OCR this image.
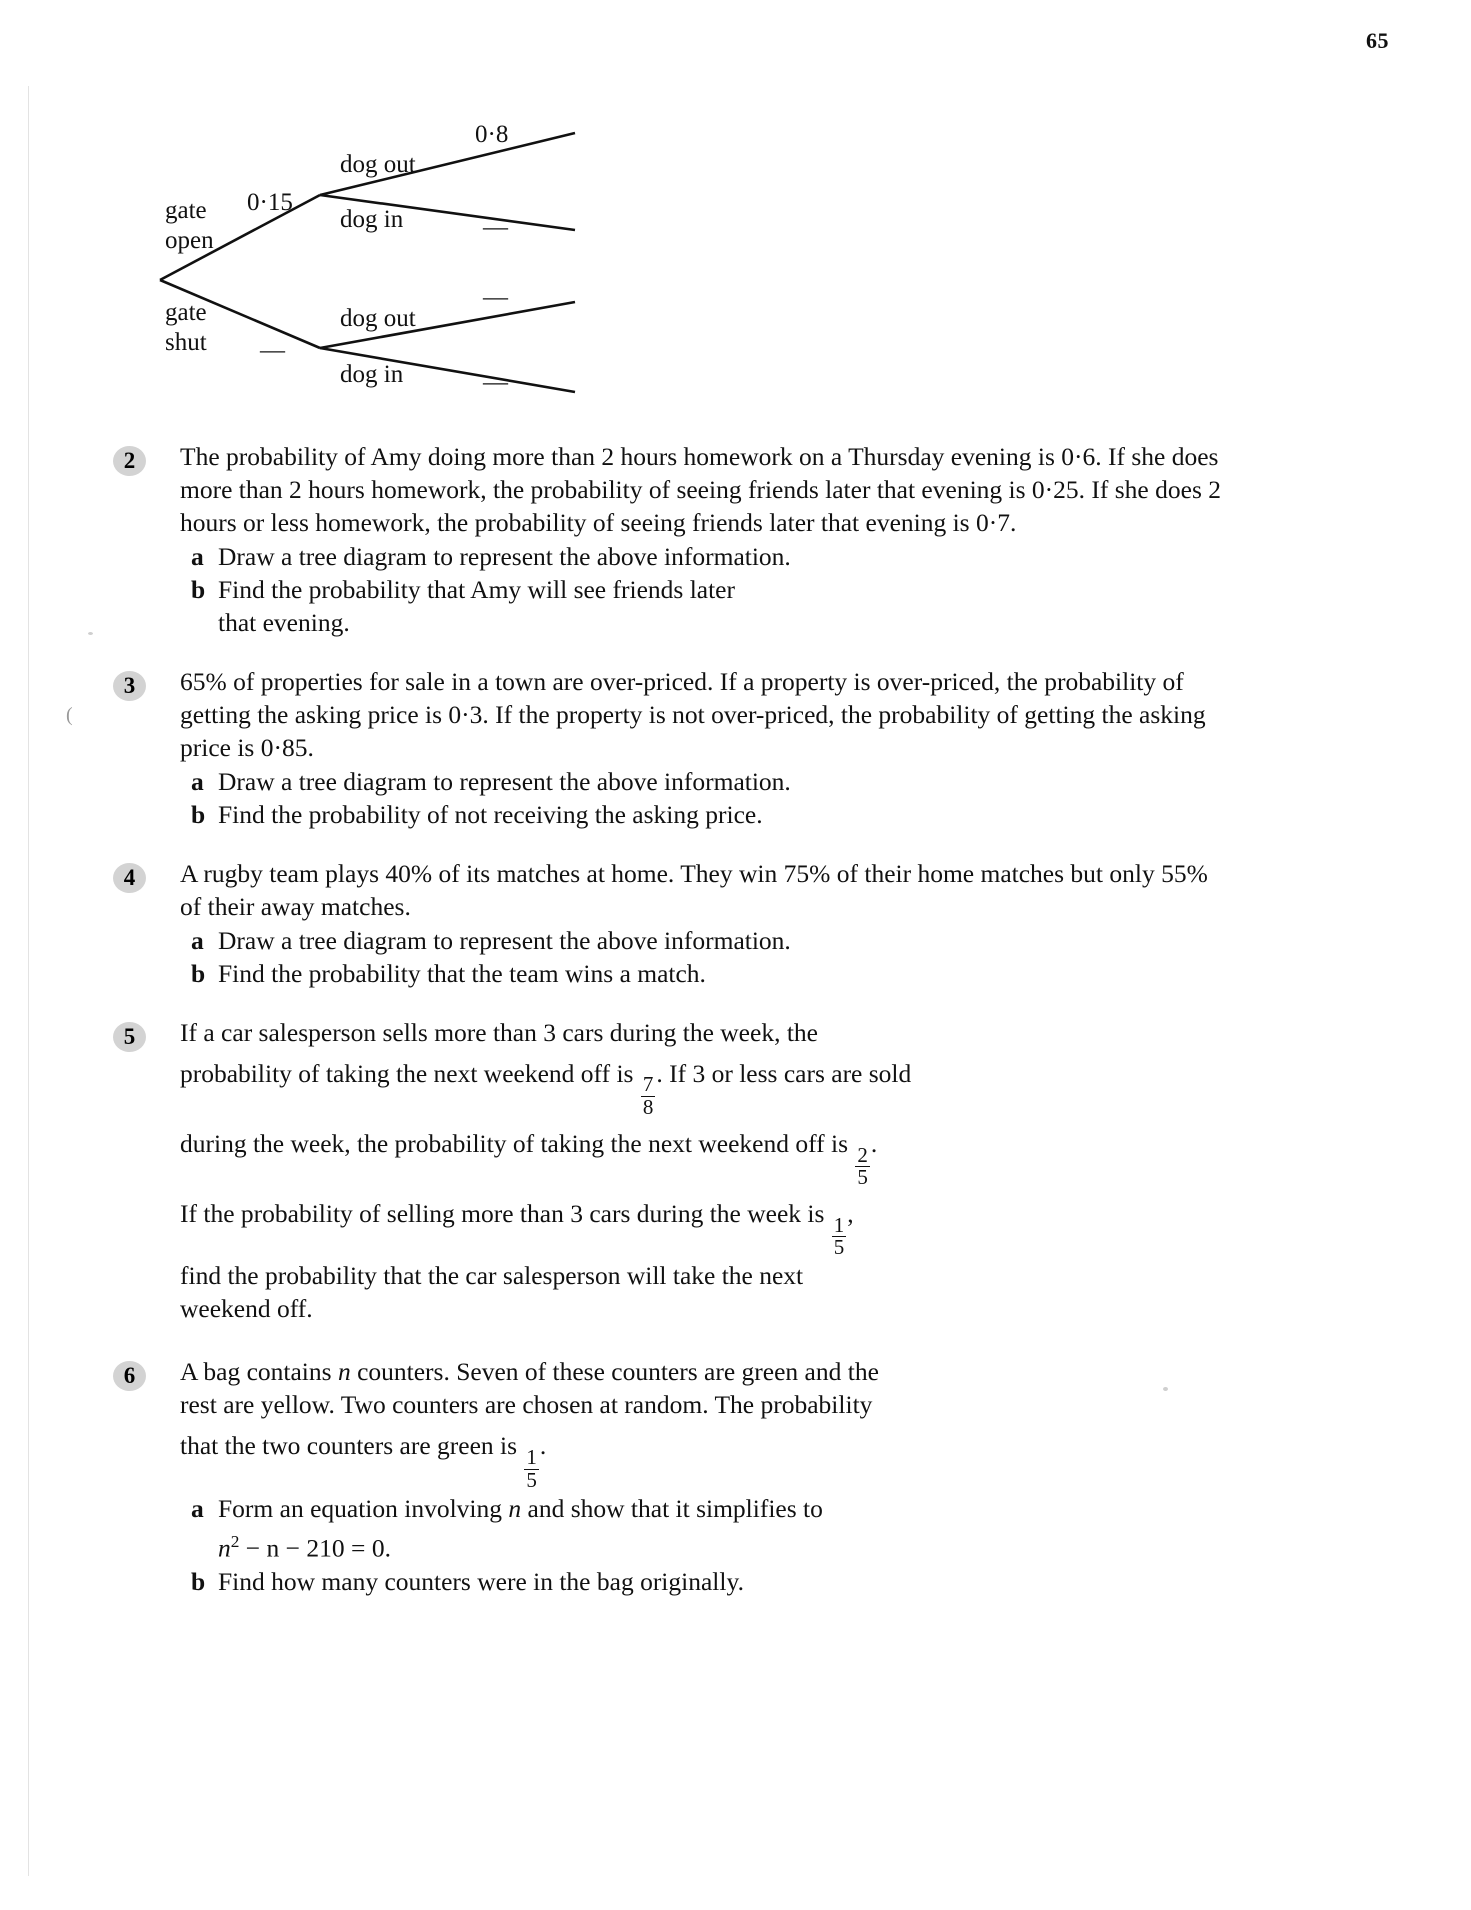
65
(
gate
open
gate
shut
0·15
—
dog out
dog in
dog out
dog in
0·8
—
—
—
2	The probability of Amy doing more than 2 hours homework on a Thursday evening is 0·6. If she does more than 2 hours homework, the probability of seeing friends later that evening is 0·25. If she does 2 hours or less homework, the probability of seeing friends later that evening is 0·7.

a Draw a tree diagram to represent the above information.
b Find the probability that Amy will see friends later
that evening.
3	65% of properties for sale in a town are over-priced. If a property is over-priced, the probability of getting the asking price is 0·3. If the property is not over-priced, the probability of getting the asking price is 0·85.

a Draw a tree diagram to represent the above information.
b Find the probability of not receiving the asking price.
4	A rugby team plays 40% of its matches at home. They win 75% of their home matches but only 55% of their away matches.

a Draw a tree diagram to represent the above information.
b Find the probability that the team wins a match.
5	If a car salesperson sells more than 3 cars during the week, the
probability of taking the next weekend off is
$\frac{7}{8}$
. If 3 or less cars are sold
during the week, the probability of taking the next weekend off is
$\frac{2}{5}$
.
If the probability of selling more than 3 cars during the week is
$\frac{1}{5}$
,
find the probability that the car salesperson will take the next
weekend off.
6	A bag contains n counters. Seven of these counters are green and the
rest are yellow. Two counters are chosen at random. The probability
that the two counters are green is
$\frac{1}{5}$
.
a Form an equation involving n and show that it simplifies to
$n^2 - n - 210 = 0$.
b Find how many counters were in the bag originally.
